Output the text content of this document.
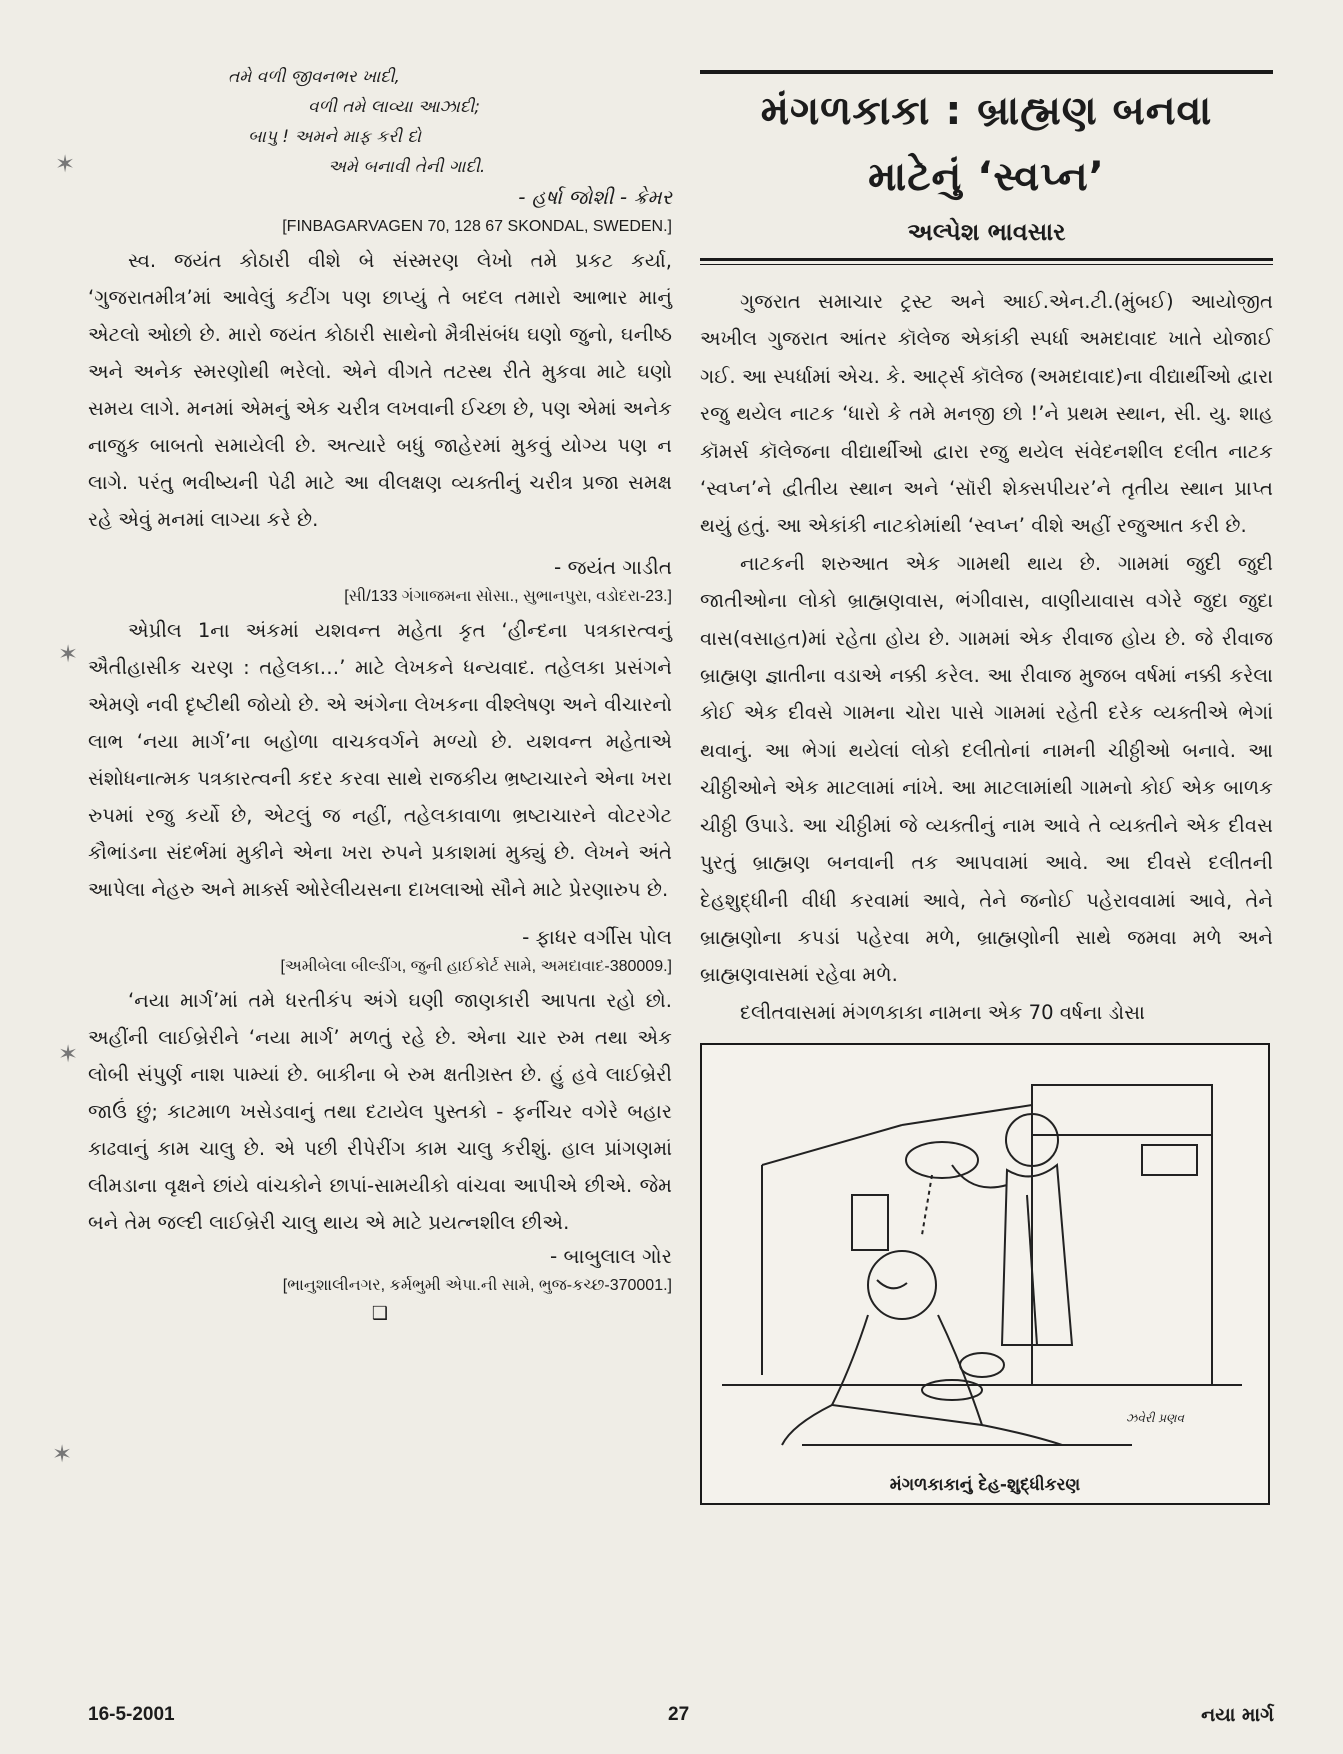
તમે વળી જીવનભર ખાદી,
વળી તમે લાવ્યા આઝાદી;
બાપુ ! અમને માફ કરી દો
અમે બનાવી તેની ગાદી.
- હર્ષા જોશી - ક્રેમર
[FINBAGARVAGEN 70, 128 67 SKONDAL, SWEDEN.]

સ્વ. જયંત કોઠારી વીશે બે સંસ્મરણ લેખો તમે પ્રકટ કર્યા, ‘ગુજરાતમીત્ર’માં આવેલું કટીંગ પણ છાપ્યું તે બદલ તમારો આભાર માનું એટલો ઓછો છે. મારો જયંત કોઠારી સાથેનો મૈત્રીસંબંધ ઘણો જુનો, ઘનીષ્ઠ અને અનેક સ્મરણોથી ભરેલો. એને વીગતે તટસ્થ રીતે મુકવા માટે ઘણો સમય લાગે. મનમાં એમનું એક ચરીત્ર લખવાની ઈચ્છા છે, પણ એમાં અનેક નાજુક બાબતો સમાયેલી છે. અત્યારે બધું જાહેરમાં મુકવું યોગ્ય પણ ન લાગે. પરંતુ ભવીષ્યની પેઢી માટે આ વીલક્ષણ વ્યક્તીનું ચરીત્ર પ્રજા સમક્ષ રહે એવું મનમાં લાગ્યા કરે છે.

- જયંત ગાડીત
[સી/133 ગંગાજમના સોસા., સુભાનપુરા, વડોદરા-23.]

એપ્રીલ 1ના અંકમાં યશવન્ત મહેતા કૃત ‘હીન્દના પત્રકારત્વનું ઐતીહાસીક ચરણ : તહેલકા…’ માટે લેખકને ધન્યવાદ. તહેલકા પ્રસંગને એમણે નવી દૃષ્ટીથી જોયો છે. એ અંગેના લેખકના વીશ્લેષણ અને વીચારનો લાભ ‘નયા માર્ગ’ના બહોળા વાચકવર્ગને મળ્યો છે. યશવન્ત મહેતાએ સંશોધનાત્મક પત્રકારત્વની કદર કરવા સાથે રાજકીય ભ્રષ્ટાચારને એના ખરા રુપમાં રજુ કર્યો છે, એટલું જ નહીં, તહેલકાવાળા ભ્રષ્ટાચારને વોટરગેટ કૌભાંડના સંદર્ભમાં મુકીને એના ખરા રુપને પ્રકાશમાં મુક્યું છે. લેખને અંતે આપેલા નેહરુ અને માર્ક્સ ઓરેલીયસના દાખલાઓ સૌને માટે પ્રેરણારુપ છે.

- ફાધર વર્ગીસ પોલ
[અમીબેલા બીલ્ડીંગ, જુની હાઈકોર્ટ સામે, અમદાવાદ-380009.]

‘નયા માર્ગ’માં તમે ધરતીકંપ અંગે ઘણી જાણકારી આપતા રહો છો. અહીંની લાઈબ્રેરીને ‘નયા માર્ગ’ મળતું રહે છે. એના ચાર રુમ તથા એક લોબી સંપુર્ણ નાશ પામ્યાં છે. બાકીના બે રુમ ક્ષતીગ્રસ્ત છે. હું હવે લાઈબ્રેરી જાઉં છું; કાટમાળ ખસેડવાનું તથા દટાયેલ પુસ્તકો - ફર્નીચર વગેરે બહાર કાઢવાનું કામ ચાલુ છે. એ પછી રીપેરીંગ કામ ચાલુ કરીશું. હાલ પ્રાંગણમાં લીમડાના વૃક્ષને છાંયે વાંચકોને છાપાં-સામયીકો વાંચવા આપીએ છીએ. જેમ બને તેમ જલ્દી લાઈબ્રેરી ચાલુ થાય એ માટે પ્રયત્નશીલ છીએ.

- બાબુલાલ ગોર
[ભાનુશાલીનગર, કર્મભુમી એપા.ની સામે, ભુજ-કચ્છ-370001.]
❑
મંગળકાકા : બ્રાહ્મણ બનવા
માટેનું ‘સ્વપ્ન’
અલ્પેશ ભાવસાર

ગુજરાત સમાચાર ટ્રસ્ટ અને આઈ.એન.ટી.(મુંબઈ) આયોજીત અખીલ ગુજરાત આંતર કૉલેજ એકાંકી સ્પર્ધા અમદાવાદ ખાતે યોજાઈ ગઈ. આ સ્પર્ધામાં એચ. કે. આર્ટ્સ કૉલેજ (અમદાવાદ)ના વીદ્યાર્થીઓ દ્વારા રજુ થયેલ નાટક ‘ધારો કે તમે મનજી છો !’ને પ્રથમ સ્થાન, સી. યુ. શાહ કૉમર્સ કૉલેજના વીદ્યાર્થીઓ દ્વારા રજુ થયેલ સંવેદનશીલ દલીત નાટક ‘સ્વપ્ન’ને દ્વીતીય સ્થાન અને ‘સૉરી શેક્સપીયર’ને તૃતીય સ્થાન પ્રાપ્ત થયું હતું. આ એકાંકી નાટકોમાંથી ‘સ્વપ્ન’ વીશે અહીં રજુઆત કરી છે.

નાટકની શરુઆત એક ગામથી થાય છે. ગામમાં જુદી જુદી જાતીઓના લોકો બ્રાહ્મણવાસ, ભંગીવાસ, વાણીયાવાસ વગેરે જુદા જુદા વાસ(વસાહત)માં રહેતા હોય છે. ગામમાં એક રીવાજ હોય છે. જે રીવાજ બ્રાહ્મણ જ્ઞાતીના વડાએ નક્કી કરેલ. આ રીવાજ મુજબ વર્ષમાં નક્કી કરેલા કોઈ એક દીવસે ગામના ચોરા પાસે ગામમાં રહેતી દરેક વ્યક્તીએ ભેગાં થવાનું. આ ભેગાં થયેલાં લોકો દલીતોનાં નામની ચીઠ્ઠીઓ બનાવે. આ ચીઠ્ઠીઓને એક માટલામાં નાંખે. આ માટલામાંથી ગામનો કોઈ એક બાળક ચીઠ્ઠી ઉપાડે. આ ચીઠ્ઠીમાં જે વ્યક્તીનું નામ આવે તે વ્યક્તીને એક દીવસ પુરતું બ્રાહ્મણ બનવાની તક આપવામાં આવે. આ દીવસે દલીતની દેહશુદ્ધીની વીધી કરવામાં આવે, તેને જનોઈ પહેરાવવામાં આવે, તેને બ્રાહ્મણોના કપડાં પહેરવા મળે, બ્રાહ્મણોની સાથે જમવા મળે અને બ્રાહ્મણવાસમાં રહેવા મળે.

દલીતવાસમાં મંગળકાકા નામના એક 70 વર્ષના ડોસા

ઝવેરી પ્રણવ
મંગળકાકાનું દેહ-શુદ્ધીકરણ
16-5-2001	27	નયા માર્ગ
✶
✶
✶
✶
